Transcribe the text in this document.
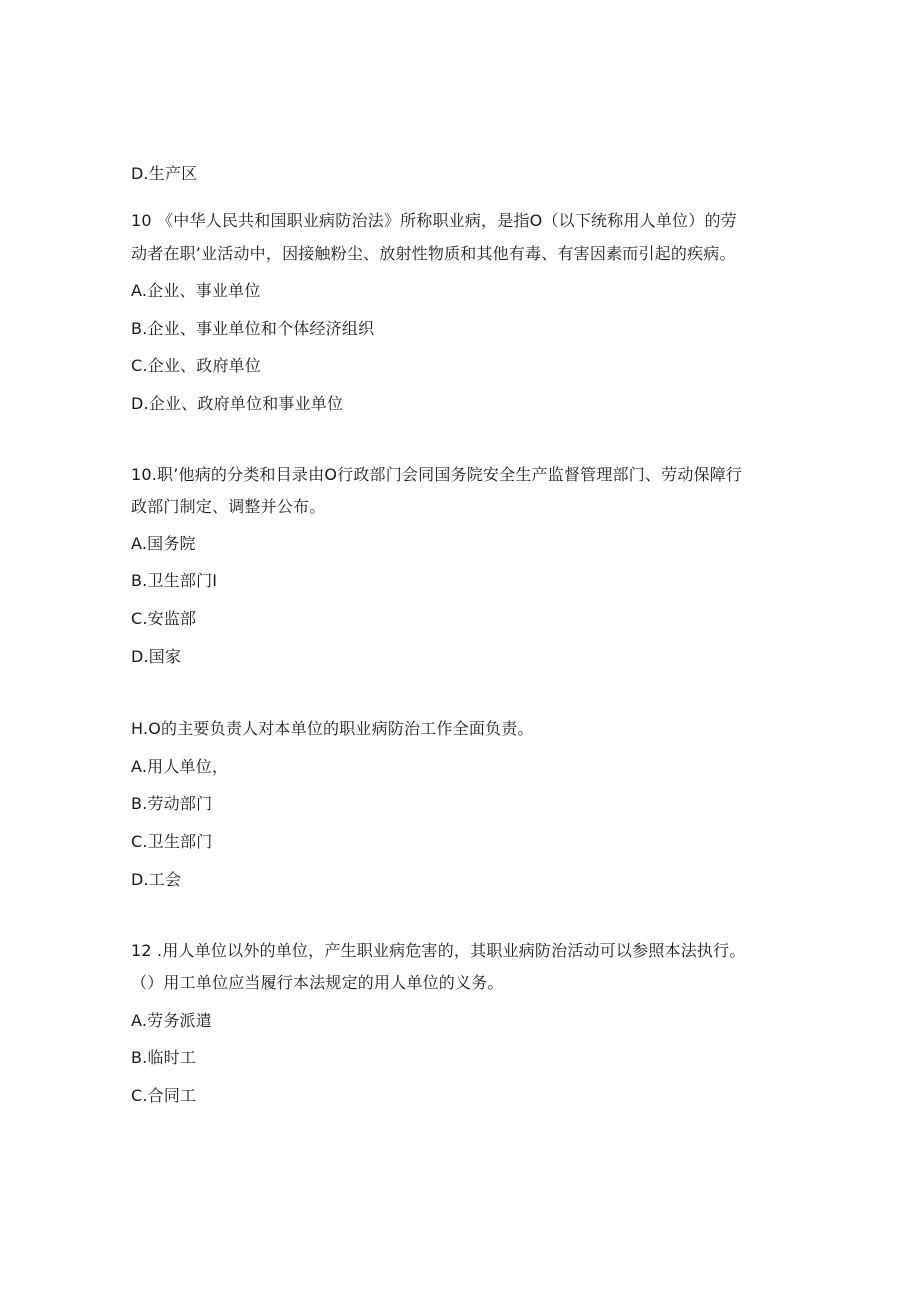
D.生产区
10 《中华人民共和国职业病防治法》所称职业病，是指O（以下统称用人单位）的劳
动者在职’业活动中，因接触粉尘、放射性物质和其他有毒、有害因素而引起的疾病。
A.企业、事业单位
B.企业、事业单位和个体经济组织
C.企业、政府单位
D.企业、政府单位和事业单位
10.职’他病的分类和目录由O行政部门会同国务院安全生产监督管理部门、劳动保障行
政部门制定、调整并公布。
A.国务院
B.卫生部门I
C.安监部
D.国家
H.O的主要负责人对本单位的职业病防治工作全面负责。
A.用人单位，
B.劳动部门
C.卫生部门
D.工会
12 .用人单位以外的单位，产生职业病危害的，其职业病防治活动可以参照本法执行。
（）用工单位应当履行本法规定的用人单位的义务。
A.劳务派遣
B.临时工
C.合同工
